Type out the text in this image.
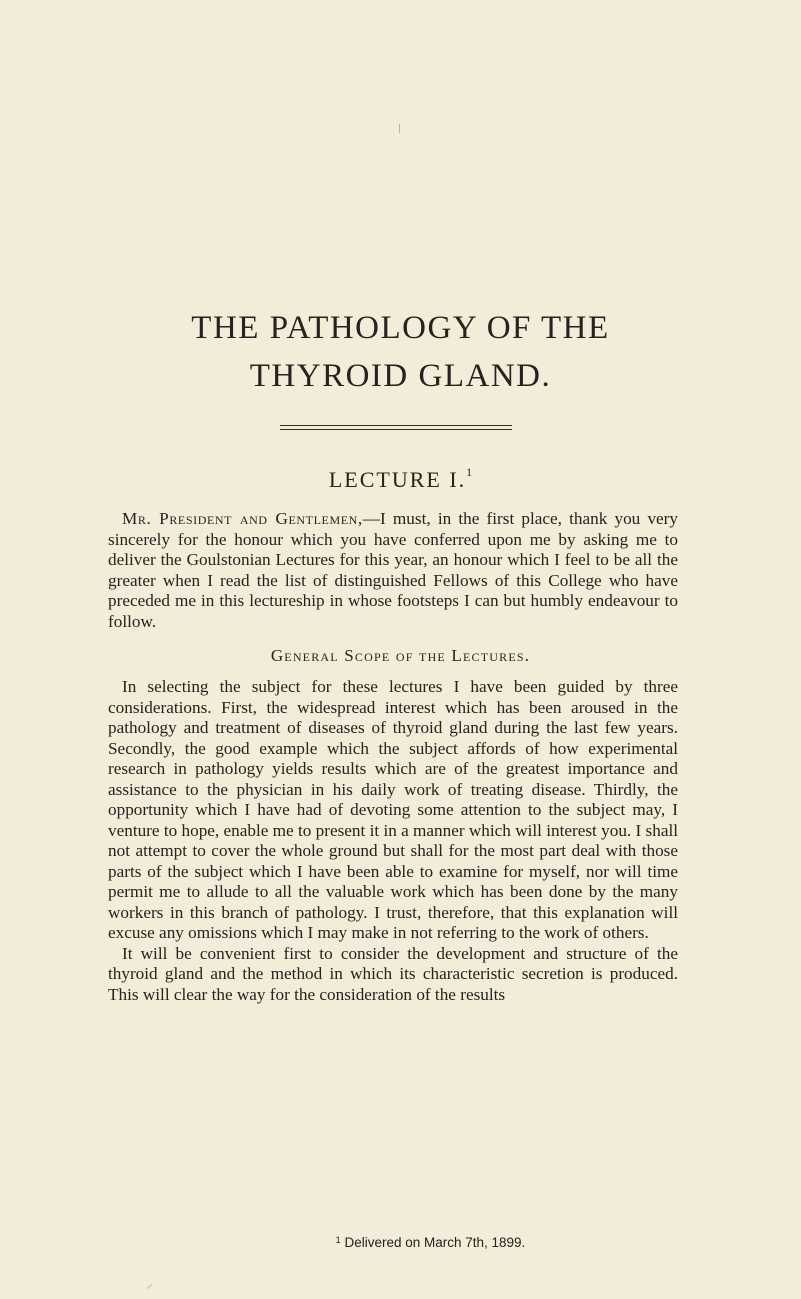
THE PATHOLOGY OF THE
THYROID GLAND.
LECTURE I.$^1$

Mr. President and Gentlemen,—I must, in the first place, thank you very sincerely for the honour which you have conferred upon me by asking me to deliver the Goulstonian Lectures for this year, an honour which I feel to be all the greater when I read the list of distinguished Fellows of this College who have preceded me in this lectureship in whose footsteps I can but humbly endeavour to follow.

General Scope of the Lectures.

In selecting the subject for these lectures I have been guided by three considerations. First, the widespread interest which has been aroused in the pathology and treatment of diseases of thyroid gland during the last few years. Secondly, the good example which the subject affords of how experimental research in pathology yields results which are of the greatest importance and assistance to the physician in his daily work of treating disease. Thirdly, the opportunity which I have had of devoting some attention to the subject may, I venture to hope, enable me to present it in a manner which will interest you. I shall not attempt to cover the whole ground but shall for the most part deal with those parts of the subject which I have been able to examine for myself, nor will time permit me to allude to all the valuable work which has been done by the many workers in this branch of pathology. I trust, therefore, that this explanation will excuse any omissions which I may make in not referring to the work of others.

It will be convenient first to consider the development and structure of the thyroid gland and the method in which its characteristic secretion is produced. This will clear the way for the consideration of the results

$^1$ Delivered on March 7th, 1899.
